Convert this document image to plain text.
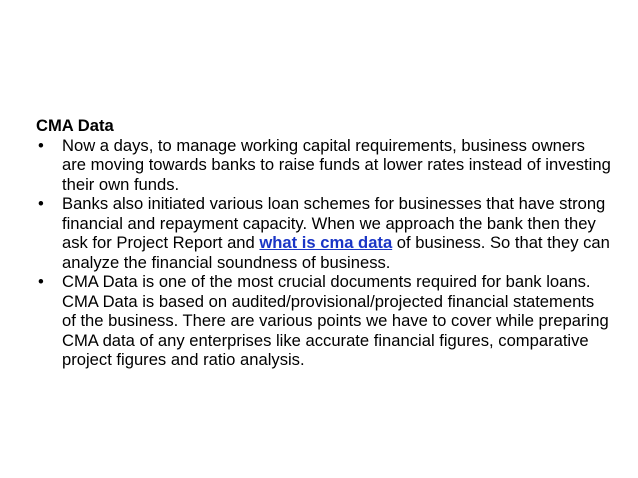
CMA Data
• Now a days, to manage working capital requirements, business owners are moving towards banks to raise funds at lower rates instead of investing their own funds.
• Banks also initiated various loan schemes for businesses that have strong financial and repayment capacity. When we approach the bank then they ask for Project Report and what is cma data of business. So that they can analyze the financial soundness of business.
• CMA Data is one of the most crucial documents required for bank loans. CMA Data is based on audited/provisional/projected financial statements of the business. There are various points we have to cover while preparing CMA data of any enterprises like accurate financial figures, comparative project figures and ratio analysis.
